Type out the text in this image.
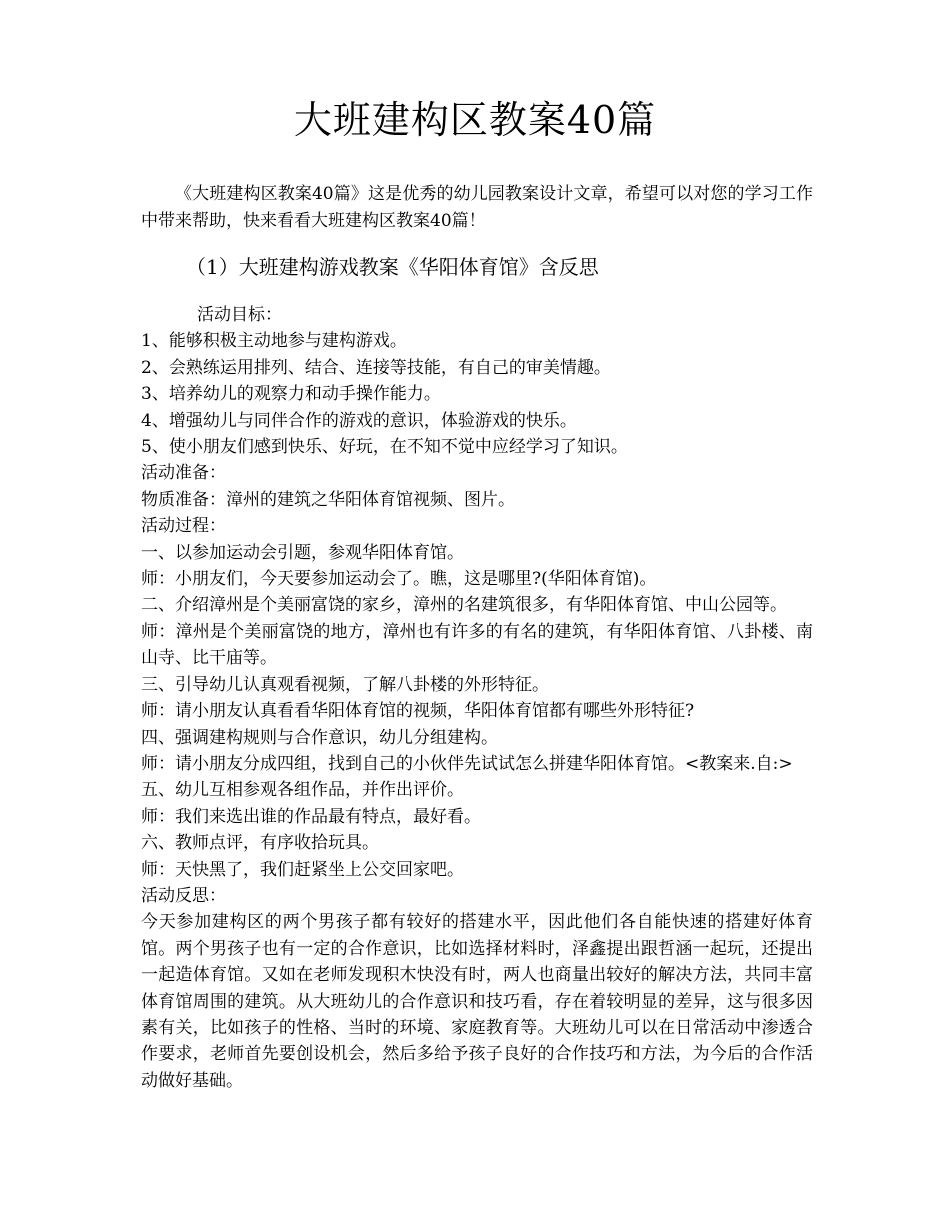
大班建构区教案40篇
《大班建构区教案40篇》这是优秀的幼儿园教案设计文章，希望可以对您的学习工作中带来帮助，快来看看大班建构区教案40篇！
（1）大班建构游戏教案《华阳体育馆》含反思
活动目标：
1、能够积极主动地参与建构游戏。
2、会熟练运用排列、结合、连接等技能，有自己的审美情趣。
3、培养幼儿的观察力和动手操作能力。
4、增强幼儿与同伴合作的游戏的意识，体验游戏的快乐。
5、使小朋友们感到快乐、好玩，在不知不觉中应经学习了知识。
活动准备：
物质准备：漳州的建筑之华阳体育馆视频、图片。
活动过程：
一、以参加运动会引题，参观华阳体育馆。
师：小朋友们，今天要参加运动会了。瞧，这是哪里?(华阳体育馆)。
二、介绍漳州是个美丽富饶的家乡，漳州的名建筑很多，有华阳体育馆、中山公园等。
师：漳州是个美丽富饶的地方，漳州也有许多的有名的建筑，有华阳体育馆、八卦楼、南山寺、比干庙等。
三、引导幼儿认真观看视频，了解八卦楼的外形特征。
师：请小朋友认真看看华阳体育馆的视频，华阳体育馆都有哪些外形特征?
四、强调建构规则与合作意识，幼儿分组建构。
师：请小朋友分成四组，找到自己的小伙伴先试试怎么拼建华阳体育馆。<教案来.自:>
五、幼儿互相参观各组作品，并作出评价。
师：我们来选出谁的作品最有特点，最好看。
六、教师点评，有序收拾玩具。
师：天快黑了，我们赶紧坐上公交回家吧。
活动反思：
今天参加建构区的两个男孩子都有较好的搭建水平，因此他们各自能快速的搭建好体育馆。两个男孩子也有一定的合作意识，比如选择材料时，泽鑫提出跟哲涵一起玩，还提出一起造体育馆。又如在老师发现积木快没有时，两人也商量出较好的解决方法，共同丰富体育馆周围的建筑。从大班幼儿的合作意识和技巧看，存在着较明显的差异，这与很多因素有关，比如孩子的性格、当时的环境、家庭教育等。大班幼儿可以在日常活动中渗透合作要求，老师首先要创设机会，然后多给予孩子良好的合作技巧和方法，为今后的合作活动做好基础。
